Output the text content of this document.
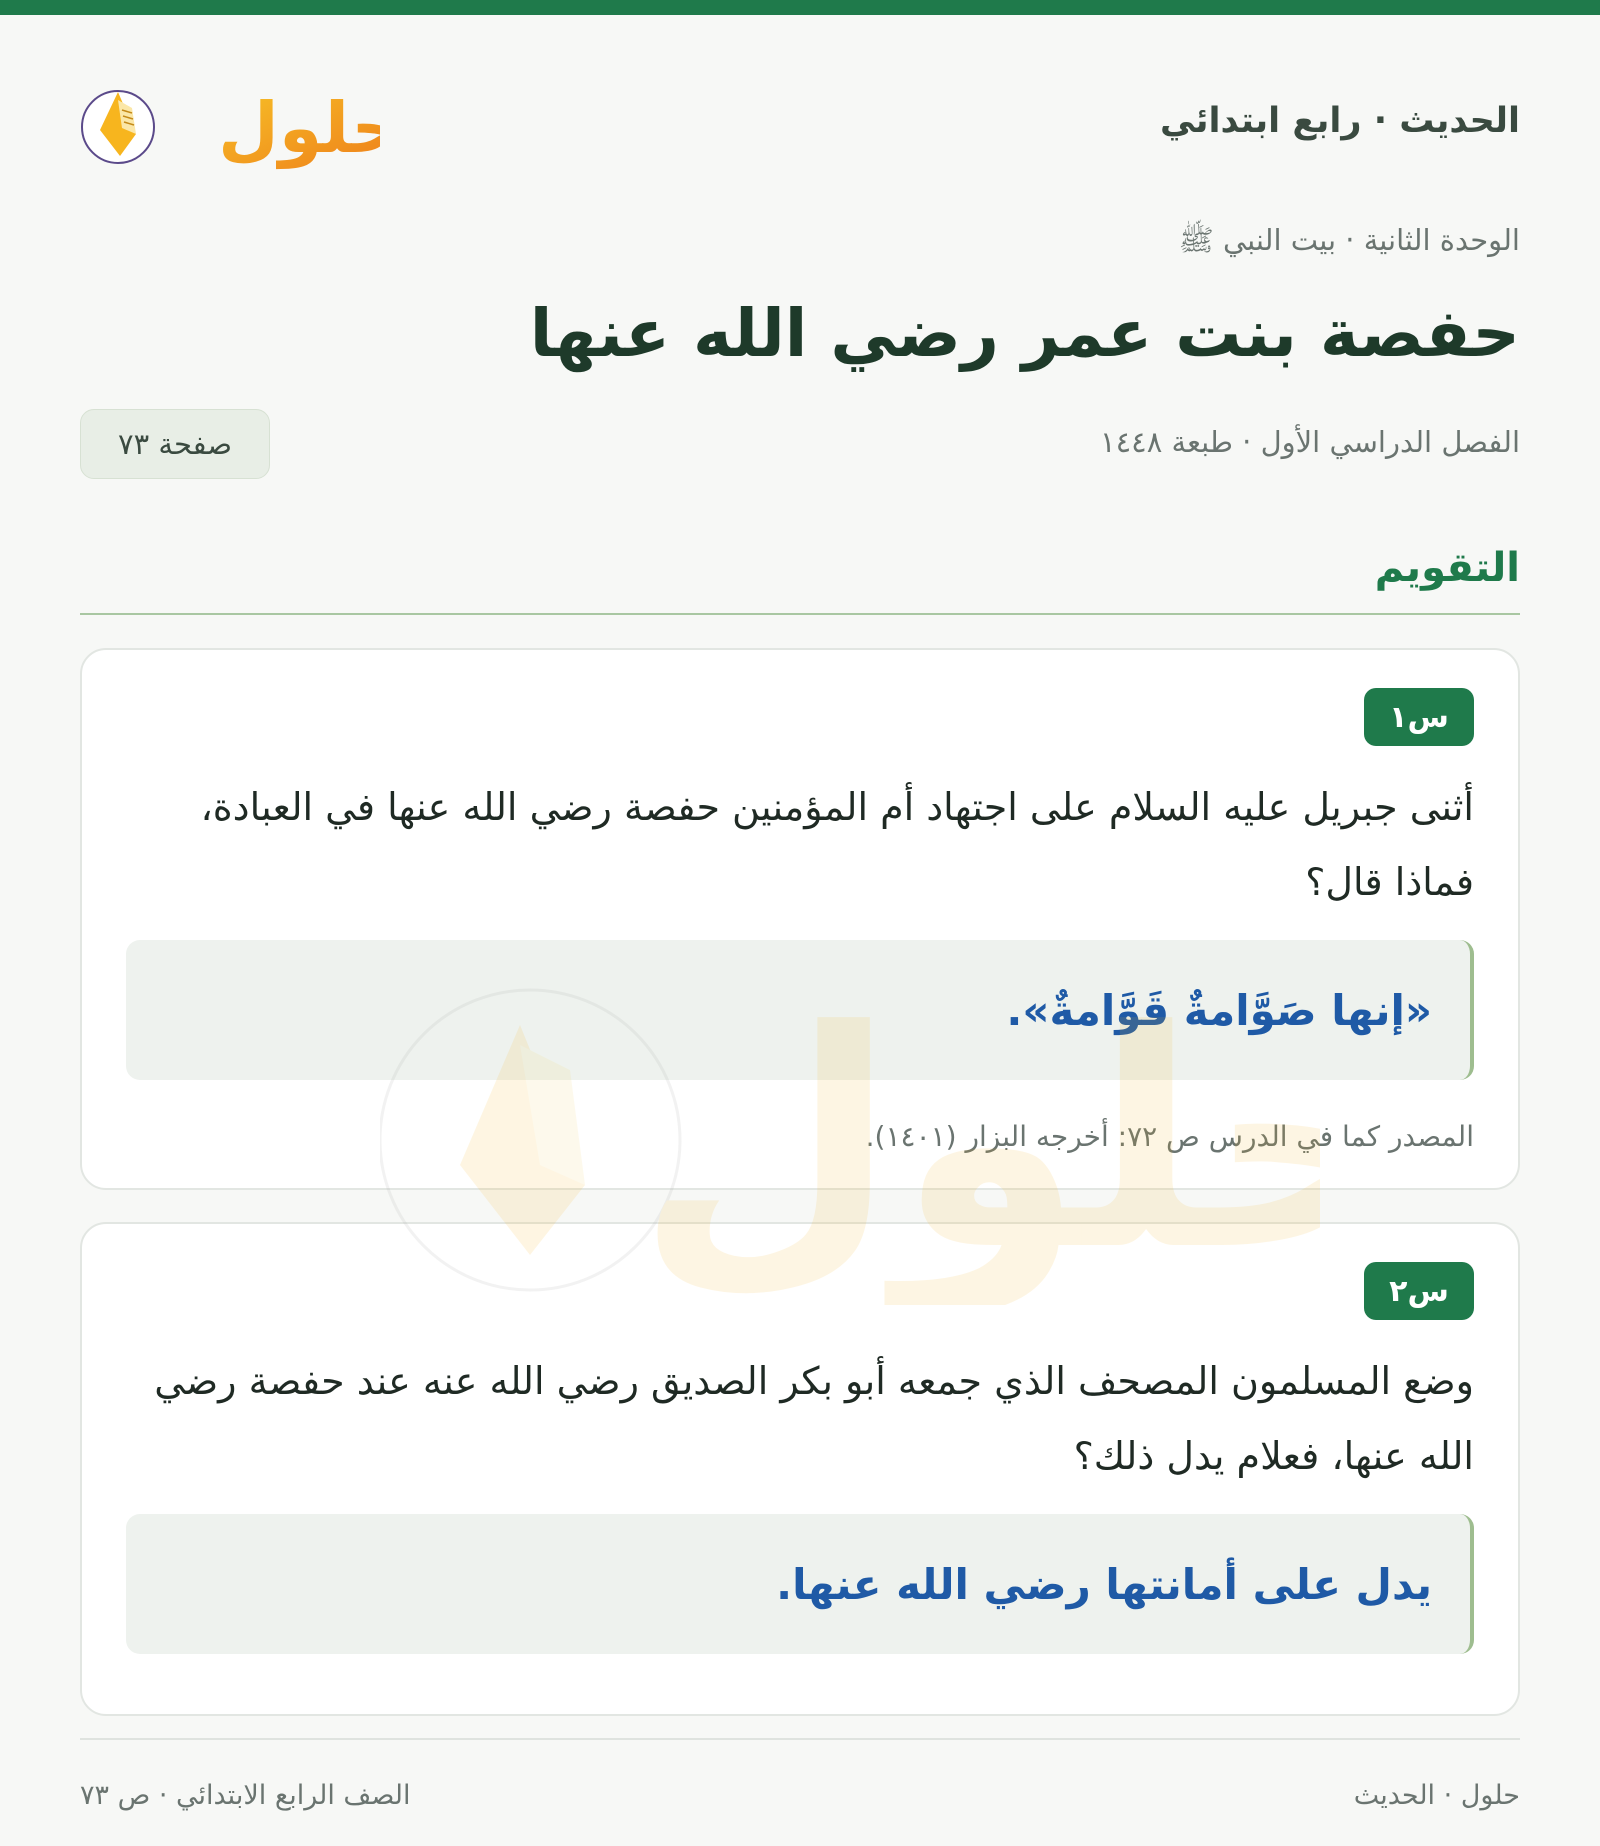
الحديث · رابع ابتدائي
حلول
الوحدة الثانية · بيت النبي ﷺ
حفصة بنت عمر رضي الله عنها
الفصل الدراسي الأول · طبعة ١٤٤٨
صفحة ٧٣
التقويم
س١
أثنى جبريل عليه السلام على اجتهاد أم المؤمنين حفصة رضي الله عنها في العبادة، فماذا قال؟
«إنها صَوَّامةٌ قَوَّامةٌ».
المصدر كما في الدرس ص ٧٢: أخرجه البزار (١٤٠١).
س٢
وضع المسلمون المصحف الذي جمعه أبو بكر الصديق رضي الله عنه عند حفصة رضي الله عنها، فعلام يدل ذلك؟
يدل على أمانتها رضي الله عنها.
حلول · الحديث
الصف الرابع الابتدائي · ص ٧٣
